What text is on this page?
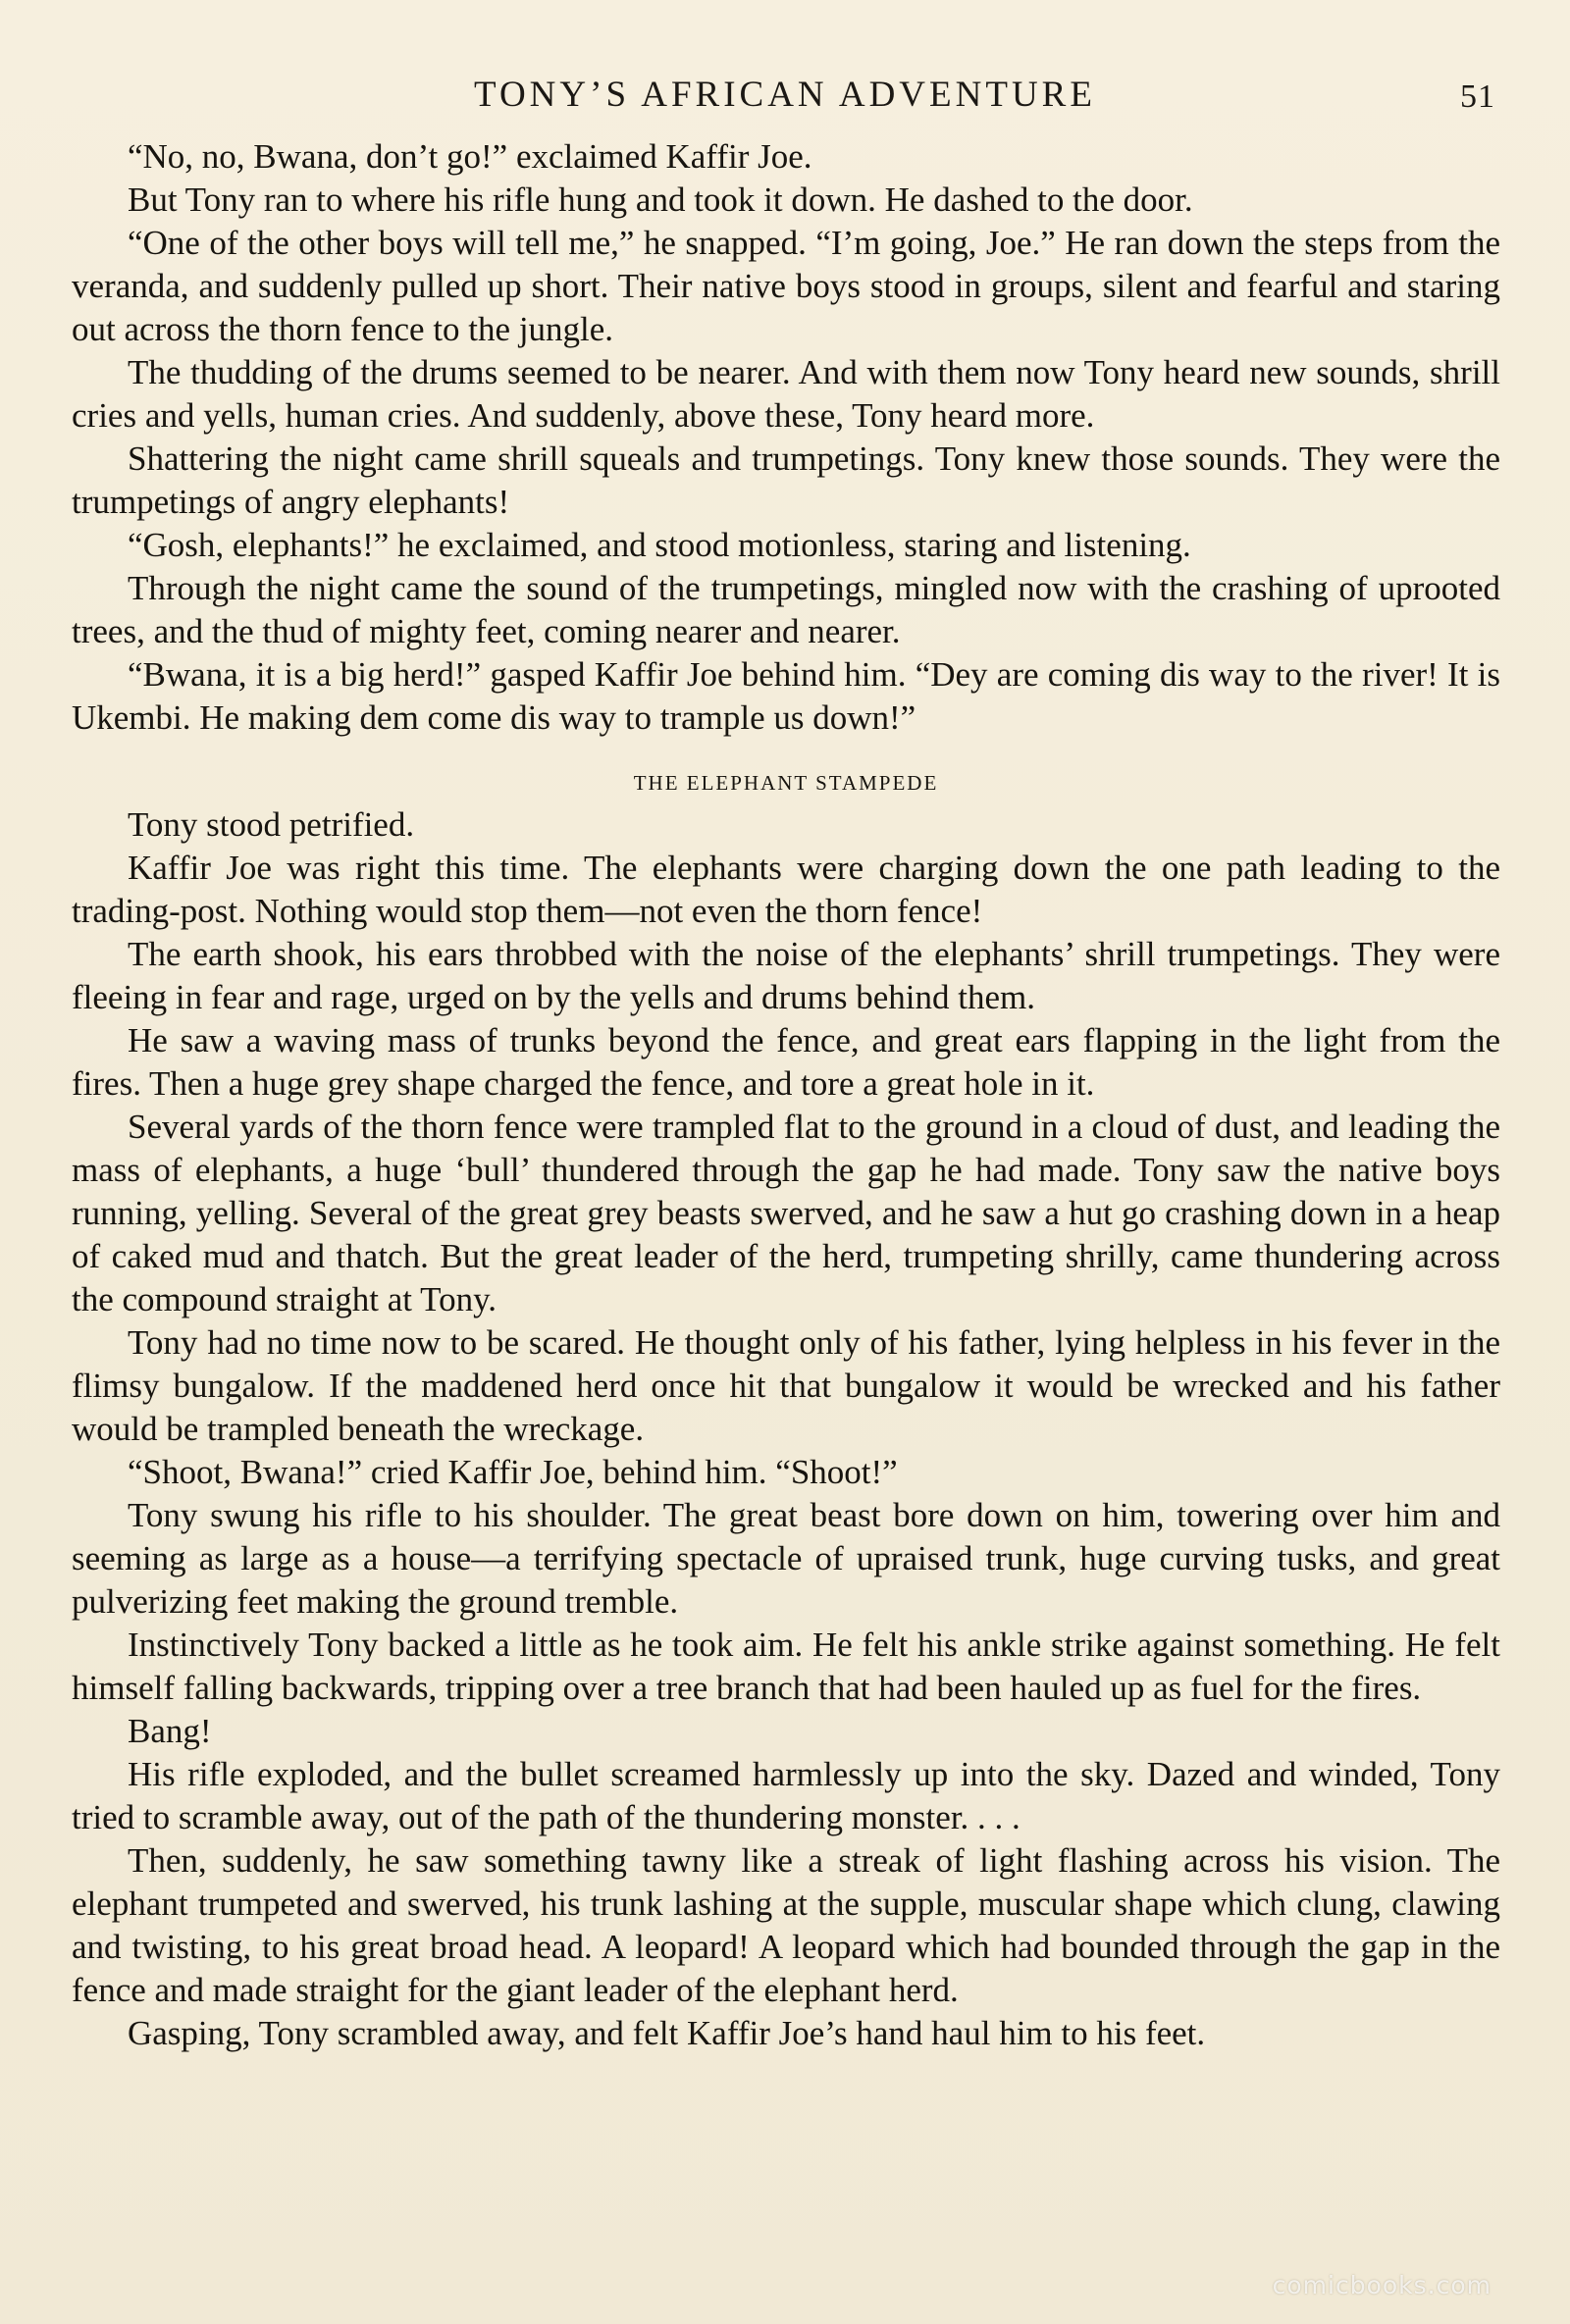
TONY’S AFRICAN ADVENTURE	51

“No, no, Bwana, don’t go!” exclaimed Kaffir Joe.

But Tony ran to where his rifle hung and took it down. He dashed to the door.

“One of the other boys will tell me,” he snapped. “I’m going, Joe.” He ran down the steps from the veranda, and suddenly pulled up short. Their native boys stood in groups, silent and fearful and staring out across the thorn fence to the jungle.

The thudding of the drums seemed to be nearer. And with them now Tony heard new sounds, shrill cries and yells, human cries. And suddenly, above these, Tony heard more.

Shattering the night came shrill squeals and trumpetings. Tony knew those sounds. They were the trumpetings of angry elephants!

“Gosh, elephants!” he exclaimed, and stood motionless, staring and listening.

Through the night came the sound of the trumpetings, mingled now with the crashing of uprooted trees, and the thud of mighty feet, coming nearer and nearer.

“Bwana, it is a big herd!” gasped Kaffir Joe behind him. “Dey are coming dis way to the river! It is Ukembi. He making dem come dis way to trample us down!”

THE ELEPHANT STAMPEDE

Tony stood petrified.

Kaffir Joe was right this time. The elephants were charging down the one path leading to the trading-post. Nothing would stop them—not even the thorn fence!

The earth shook, his ears throbbed with the noise of the elephants’ shrill trumpetings. They were fleeing in fear and rage, urged on by the yells and drums behind them.

He saw a waving mass of trunks beyond the fence, and great ears flapping in the light from the fires. Then a huge grey shape charged the fence, and tore a great hole in it.

Several yards of the thorn fence were trampled flat to the ground in a cloud of dust, and leading the mass of elephants, a huge ‘bull’ thundered through the gap he had made. Tony saw the native boys running, yelling. Several of the great grey beasts swerved, and he saw a hut go crashing down in a heap of caked mud and thatch. But the great leader of the herd, trumpeting shrilly, came thundering across the compound straight at Tony.

Tony had no time now to be scared. He thought only of his father, lying helpless in his fever in the flimsy bungalow. If the maddened herd once hit that bungalow it would be wrecked and his father would be trampled beneath the wreckage.

“Shoot, Bwana!” cried Kaffir Joe, behind him. “Shoot!”

Tony swung his rifle to his shoulder. The great beast bore down on him, towering over him and seeming as large as a house—a terrifying spectacle of upraised trunk, huge curving tusks, and great pulverizing feet making the ground tremble.

Instinctively Tony backed a little as he took aim. He felt his ankle strike against something. He felt himself falling backwards, tripping over a tree branch that had been hauled up as fuel for the fires.

Bang!

His rifle exploded, and the bullet screamed harmlessly up into the sky. Dazed and winded, Tony tried to scramble away, out of the path of the thundering monster. . . .

Then, suddenly, he saw something tawny like a streak of light flashing across his vision. The elephant trumpeted and swerved, his trunk lashing at the supple, muscular shape which clung, clawing and twisting, to his great broad head. A leopard! A leopard which had bounded through the gap in the fence and made straight for the giant leader of the elephant herd.

Gasping, Tony scrambled away, and felt Kaffir Joe’s hand haul him to his feet.

comicbooks.com
